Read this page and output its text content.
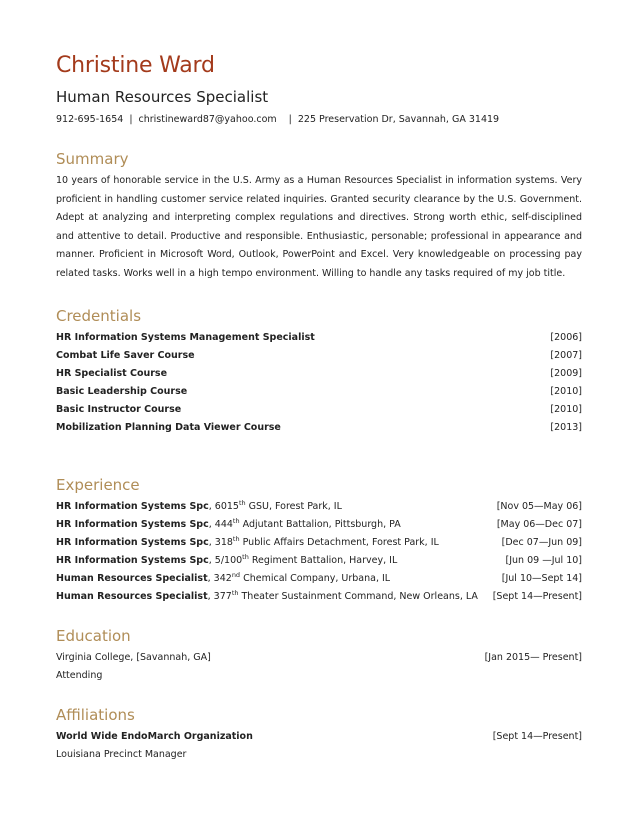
Christine Ward
Human Resources Specialist
912-695-1654 | christineward87@yahoo.com | 225 Preservation Dr, Savannah, GA 31419
Summary
10 years of honorable service in the U.S. Army as a Human Resources Specialist in information systems. Very proficient in handling customer service related inquiries. Granted security clearance by the U.S. Government. Adept at analyzing and interpreting complex regulations and directives. Strong worth ethic, self-disciplined and attentive to detail. Productive and responsible. Enthusiastic, personable; professional in appearance and manner. Proficient in Microsoft Word, Outlook, PowerPoint and Excel. Very knowledgeable on processing pay related tasks. Works well in a high tempo environment. Willing to handle any tasks required of my job title.
Credentials
HR Information Systems Management Specialist	[2006]
Combat Life Saver Course	[2007]
HR Specialist Course	[2009]
Basic Leadership Course	[2010]
Basic Instructor Course	[2010]
Mobilization Planning Data Viewer Course	[2013]
Experience
HR Information Systems Spc, 6015th GSU, Forest Park, IL	[Nov 05—May 06]
HR Information Systems Spc, 444th Adjutant Battalion, Pittsburgh, PA	[May 06—Dec 07]
HR Information Systems Spc, 318th Public Affairs Detachment, Forest Park, IL	[Dec 07—Jun 09]
HR Information Systems Spc, 5/100th Regiment Battalion, Harvey, IL	[Jun 09 —Jul 10]
Human Resources Specialist, 342nd Chemical Company, Urbana, IL	[Jul 10—Sept 14]
Human Resources Specialist, 377th Theater Sustainment Command, New Orleans, LA [Sept 14—Present]
Education
Virginia College, [Savannah, GA]	[Jan 2015— Present]
Attending
Affiliations
World Wide EndoMarch Organization	[Sept 14—Present]
Louisiana Precinct Manager
